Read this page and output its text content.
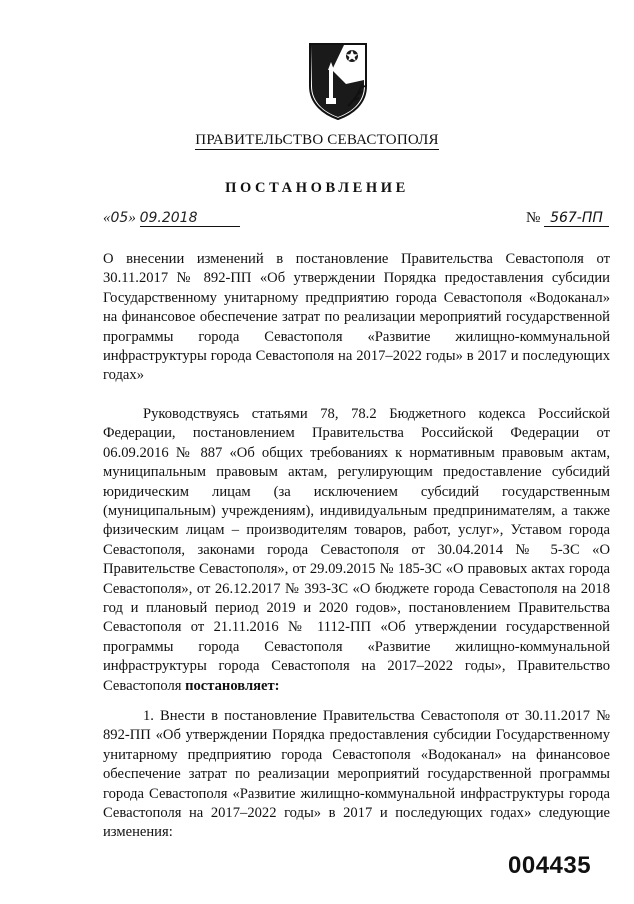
ПРАВИТЕЛЬСТВО СЕВАСТОПОЛЯ
ПОСТАНОВЛЕНИЕ
«05» 09.2018	№ 567-ПП
О внесении изменений в постановление Правительства Севастополя от 30.11.2017 № 892-ПП «Об утверждении Порядка предоставления субсидии Государственному унитарному предприятию города Севастополя «Водоканал» на финансовое обеспечение затрат по реализации мероприятий государственной программы города Севастополя «Развитие жилищно-коммунальной инфраструктуры города Севастополя на 2017–2022 годы» в 2017 и последующих годах»
Руководствуясь статьями 78, 78.2 Бюджетного кодекса Российской Федерации, постановлением Правительства Российской Федерации от 06.09.2016 № 887 «Об общих требованиях к нормативным правовым актам, муниципальным правовым актам, регулирующим предоставление субсидий юридическим лицам (за исключением субсидий государственным (муниципальным) учреждениям), индивидуальным предпринимателям, а также физическим лицам – производителям товаров, работ, услуг», Уставом города Севастополя, законами города Севастополя от 30.04.2014 № 5-ЗС «О Правительстве Севастополя», от 29.09.2015 № 185-ЗС «О правовых актах города Севастополя», от 26.12.2017 № 393-ЗС «О бюджете города Севастополя на 2018 год и плановый период 2019 и 2020 годов», постановлением Правительства Севастополя от 21.11.2016 № 1112-ПП «Об утверждении государственной программы города Севастополя «Развитие жилищно-коммунальной инфраструктуры города Севастополя на 2017–2022 годы», Правительство Севастополя постановляет:
1. Внести в постановление Правительства Севастополя от 30.11.2017 № 892-ПП «Об утверждении Порядка предоставления субсидии Государственному унитарному предприятию города Севастополя «Водоканал» на финансовое обеспечение затрат по реализации мероприятий государственной программы города Севастополя «Развитие жилищно-коммунальной инфраструктуры города Севастополя на 2017–2022 годы» в 2017 и последующих годах» следующие изменения:
004435
